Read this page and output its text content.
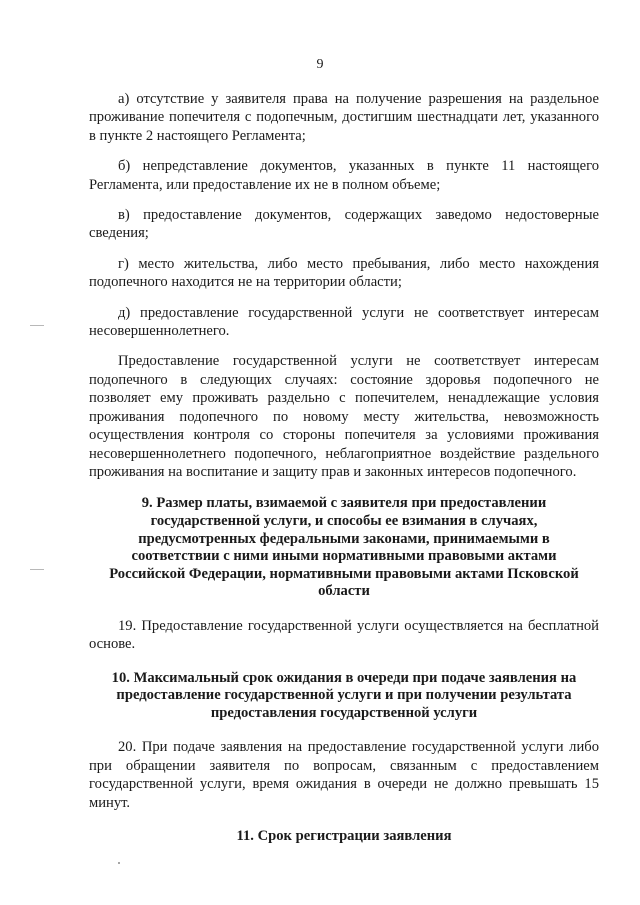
9

а) отсутствие у заявителя права на получение разрешения на раздельное проживание попечителя с подопечным, достигшим шестнадцати лет, указанного в пункте 2 настоящего Регламента;

б) непредставление документов, указанных в пункте 11 настоящего Регламента, или предоставление их не в полном объеме;

в) предоставление документов, содержащих заведомо недостоверные сведения;

г) место жительства, либо место пребывания, либо место нахождения подопечного находится не на территории области;

д) предоставление государственной услуги не соответствует интересам несовершеннолетнего.

Предоставление государственной услуги не соответствует интересам подопечного в следующих случаях: состояние здоровья подопечного не позволяет ему проживать раздельно с попечителем, ненадлежащие условия проживания подопечного по новому месту жительства, невозможность осуществления контроля со стороны попечителя за условиями проживания несовершеннолетнего подопечного, неблагоприятное воздействие раздельного проживания на воспитание и защиту прав и законных интересов подопечного.

9. Размер платы, взимаемой с заявителя при предоставлении государственной услуги, и способы ее взимания в случаях, предусмотренных федеральными законами, принимаемыми в соответствии с ними иными нормативными правовыми актами Российской Федерации, нормативными правовыми актами Псковской области

19. Предоставление государственной услуги осуществляется на бесплатной основе.

10. Максимальный срок ожидания в очереди при подаче заявления на предоставление государственной услуги и при получении результата предоставления государственной услуги

20. При подаче заявления на предоставление государственной услуги либо при обращении заявителя по вопросам, связанным с предоставлением государственной услуги, время ожидания в очереди не должно превышать 15 минут.

11. Срок регистрации заявления
